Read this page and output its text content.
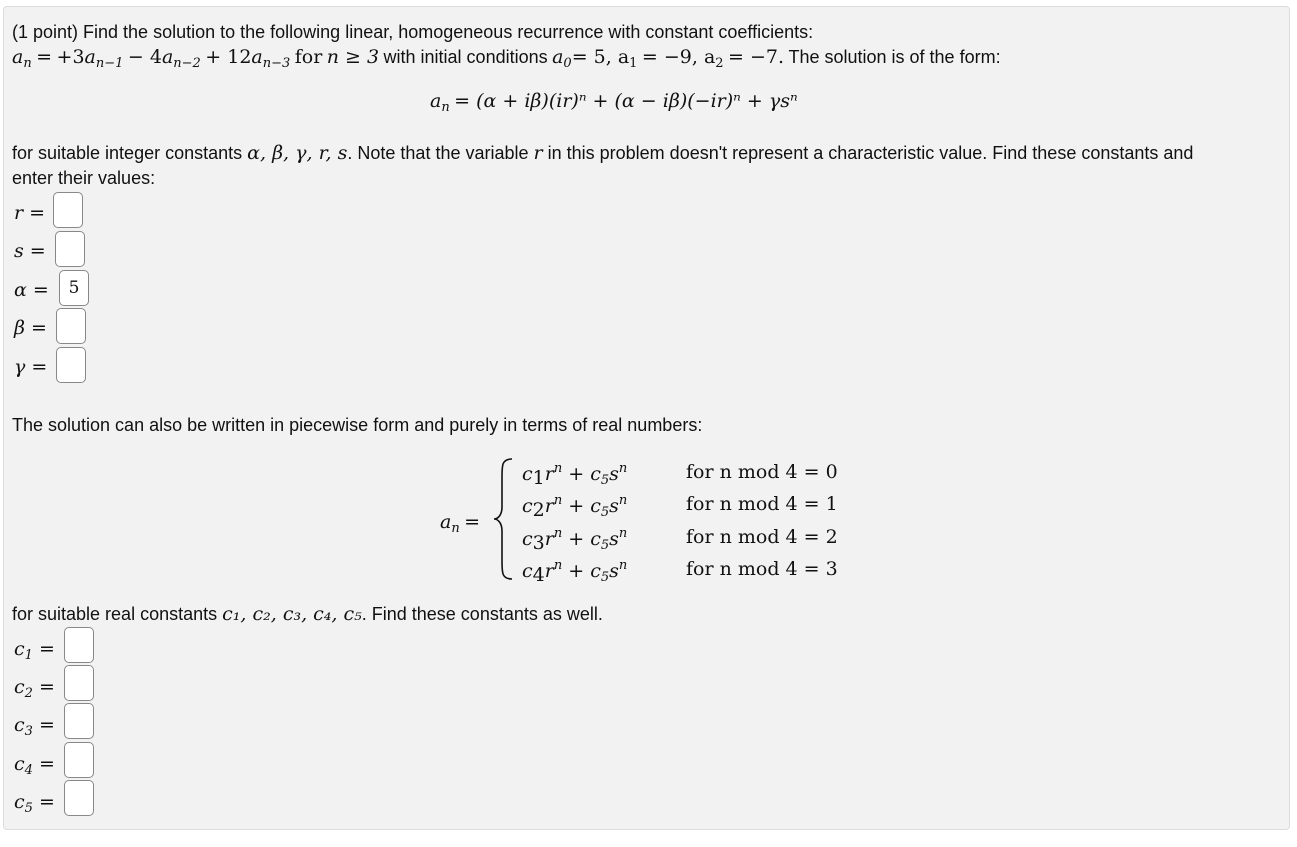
(1 point) Find the solution to the following linear, homogeneous recurrence with constant coefficients:
$a_n = +3a_{n-1} - 4a_{n-2} + 12a_{n-3}$ for n ≥ 3 with initial conditions $a_0= 5$, $a_1 = -9$, $a_2 = -7$. The solution is of the form:
$a_n = (\alpha + i\beta)(ir)^n + (\alpha - i\beta)(-ir)^n + \gamma s^n$
for suitable integer constants α, β, γ, r, s. Note that the variable r in this problem doesn't represent a characteristic value. Find these constants and
enter their values:
r =
s =
α =	5
β =
γ =
The solution can also be written in piecewise form and purely in terms of real numbers:
$a_n$ =
$c_1r^n + c_5s^n$
$c_2r^n + c_5s^n$
$c_3r^n + c_5s^n$
$c_4r^n + c_5s^n$
for n mod 4 = 0
for n mod 4 = 1
for n mod 4 = 2
for n mod 4 = 3
for suitable real constants c₁, c₂, c₃, c₄, c₅. Find these constants as well.
$c_1$ =
$c_2$ =
$c_3$ =
$c_4$ =
$c_5$ =
